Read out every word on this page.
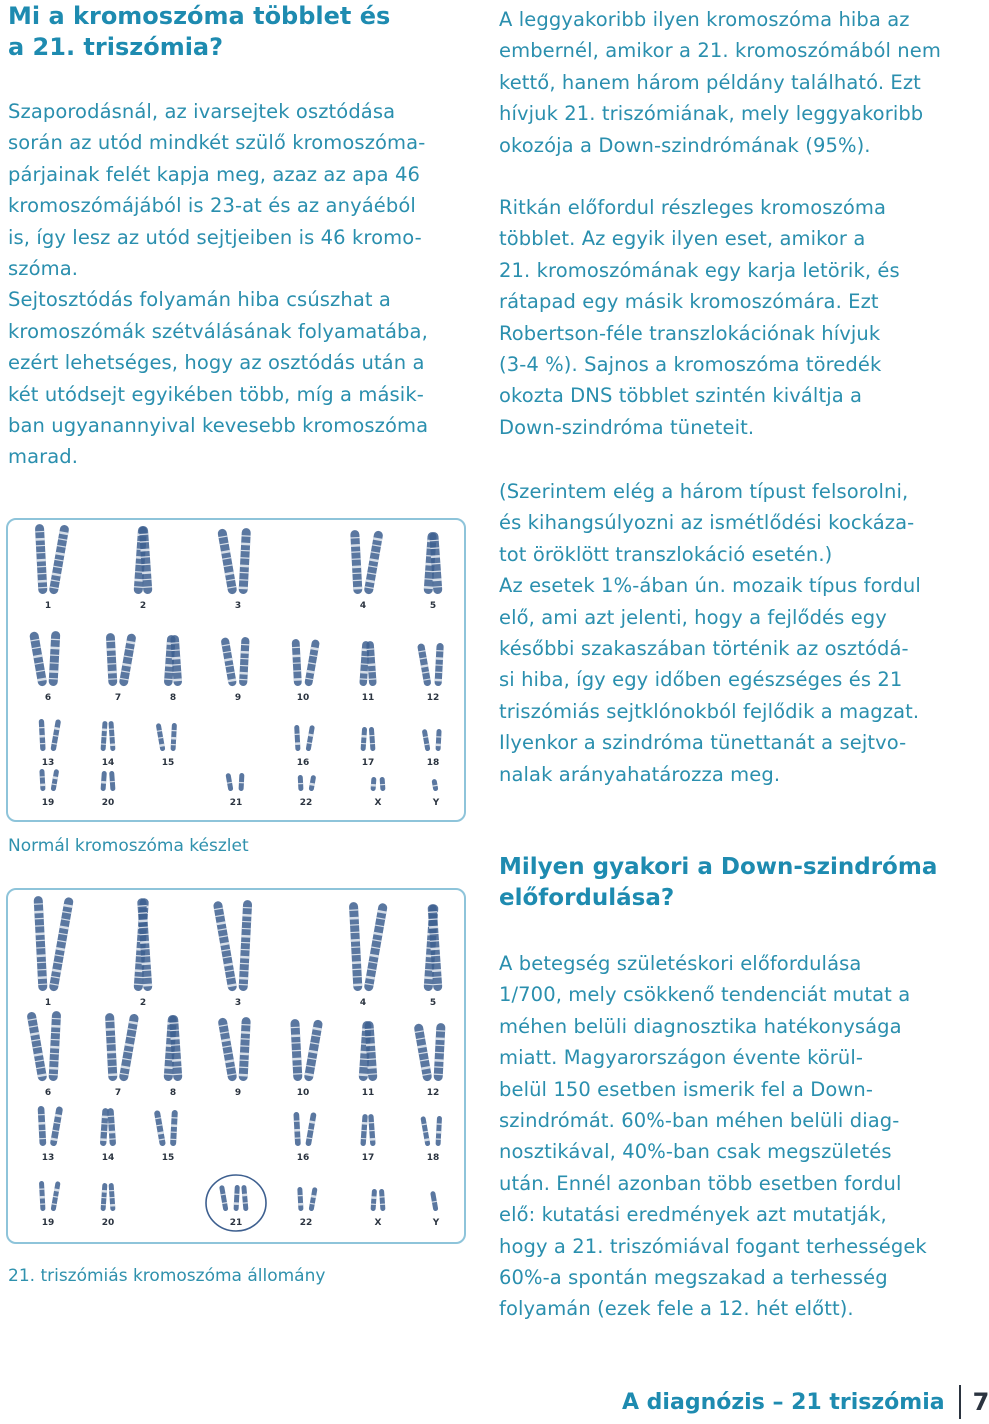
Mi a kromoszóma többlet és
a 21. triszómia?
Szaporodásnál, az ivarsejtek osztódása
során az utód mindkét szülő kromoszóma-
párjainak felét kapja meg, azaz az apa 46
kromoszómájából is 23-at és az anyáéból
is, így lesz az utód sejtjeiben is 46 kromo-
szóma.
Sejtosztódás folyamán hiba csúszhat a
kromoszómák szétválásának folyamatába,
ezért lehetséges, hogy az osztódás után a
két utódsejt egyikében több, míg a másik-
ban ugyanannyival kevesebb kromoszóma
marad.
1	2	3	4	5
6	7	8	9	10	11	12
13	14	15	16	17	18
19	20	21	22	X	Y
Normál kromoszóma készlet
1	2	3	4	5
6	7	8	9	10	11	12
13	14	15	16	17	18
19	20	21	22	X	Y
21. triszómiás kromoszóma állomány
A leggyakoribb ilyen kromoszóma hiba az
embernél, amikor a 21. kromoszómából nem
kettő, hanem három példány található. Ezt
hívjuk 21. triszómiának, mely leggyakoribb
okozója a Down-szindrómának (95%).
Ritkán előfordul részleges kromoszóma
többlet. Az egyik ilyen eset, amikor a
21. kromoszómának egy karja letörik, és
rátapad egy másik kromoszómára. Ezt
Robertson-féle transzlokációnak hívjuk
(3-4 %). Sajnos a kromoszóma töredék
okozta DNS többlet szintén kiváltja a
Down-szindróma tüneteit.
(Szerintem elég a három típust felsorolni,
és kihangsúlyozni az ismétlődési kockáza-
tot öröklött transzlokáció esetén.)
Az esetek 1%-ában ún. mozaik típus fordul
elő, ami azt jelenti, hogy a fejlődés egy
későbbi szakaszában történik az osztódá-
si hiba, így egy időben egészséges és 21
triszómiás sejtklónokból fejlődik a magzat.
Ilyenkor a szindróma tünettanát a sejtvo-
nalak arányahatározza meg.
Milyen gyakori a Down-szindróma
előfordulása?
A betegség születéskori előfordulása
1/700, mely csökkenő tendenciát mutat a
méhen belüli diagnosztika hatékonysága
miatt. Magyarországon évente körül-
belül 150 esetben ismerik fel a Down-
szindrómát. 60%-ban méhen belüli diag-
nosztikával, 40%-ban csak megszületés
után. Ennél azonban több esetben fordul
elő: kutatási eredmények azt mutatják,
hogy a 21. triszómiával fogant terhességek
60%-a spontán megszakad a terhesség
folyamán (ezek fele a 12. hét előtt).
A diagnózis – 21 triszómia 7
